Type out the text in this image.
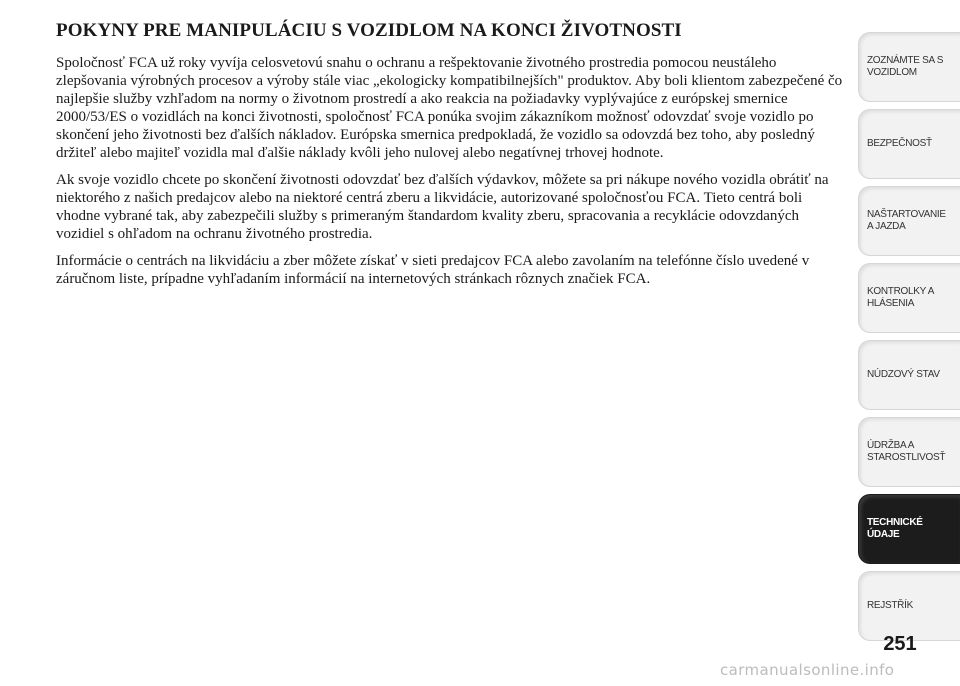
POKYNY PRE MANIPULÁCIU S VOZIDLOM NA KONCI ŽIVOTNOSTI

Spoločnosť FCA už roky vyvíja celosvetovú snahu o ochranu a rešpektovanie životného prostredia pomocou neustáleho zlepšovania výrobných procesov a výroby stále viac „ekologicky kompatibilnejších" produktov. Aby boli klientom zabezpečené čo najlepšie služby vzhľadom na normy o životnom prostredí a ako reakcia na požiadavky vyplývajúce z európskej smernice 2000/53/ES o vozidlách na konci životnosti, spoločnosť FCA ponúka svojim zákazníkom možnosť odovzdať svoje vozidlo po skončení jeho životnosti bez ďalších nákladov. Európska smernica predpokladá, že vozidlo sa odovzdá bez toho, aby posledný držiteľ alebo majiteľ vozidla mal ďalšie náklady kvôli jeho nulovej alebo negatívnej trhovej hodnote.

Ak svoje vozidlo chcete po skončení životnosti odovzdať bez ďalších výdavkov, môžete sa pri nákupe nového vozidla obrátiť na niektorého z našich predajcov alebo na niektoré centrá zberu a likvidácie, autorizované spoločnosťou FCA. Tieto centrá boli vhodne vybrané tak, aby zabezpečili služby s primeraným štandardom kvality zberu, spracovania a recyklácie odovzdaných vozidiel s ohľadom na ochranu životného prostredia.

Informácie o centrách na likvidáciu a zber môžete získať v sieti predajcov FCA alebo zavolaním na telefónne číslo uvedené v záručnom liste, prípadne vyhľadaním informácií na internetových stránkach rôznych značiek FCA.

ZOZNÁMTE SA S
VOZIDLOM
BEZPEČNOSŤ
NAŠTARTOVANIE
A JAZDA
KONTROLKY A
HLÁSENIA
NÚDZOVÝ STAV
ÚDRŽBA A
STAROSTLIVOSŤ
TECHNICKÉ
ÚDAJE
REJSTŘÍK
251
carmanualsonline.info
